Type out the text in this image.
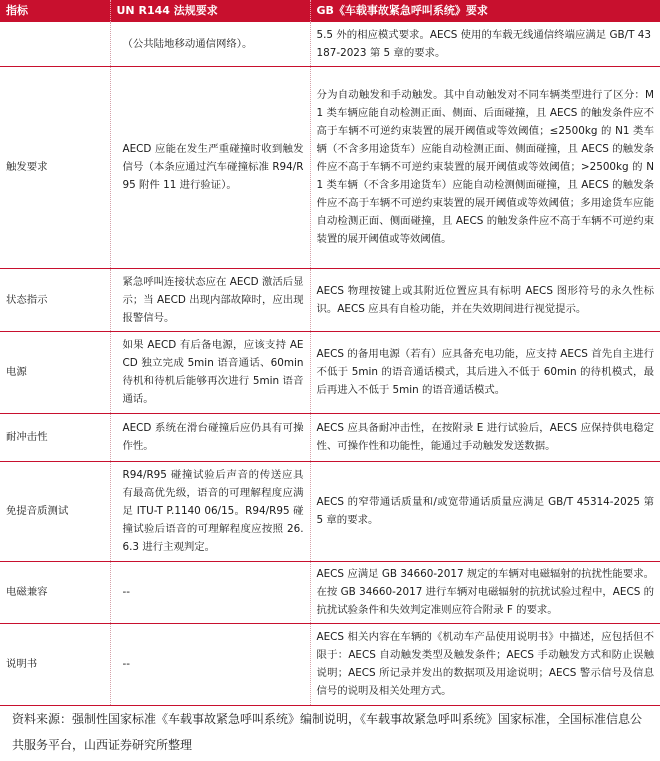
指标	UN R144 法规要求	GB《车载事故紧急呼叫系统》要求
	（公共陆地移动通信网络）。	5.5 外的相应模式要求。AECS 使用的车载无线通信终端应满足 GB/T 43187-2023 第 5 章的要求。
触发要求	AECD 应能在发生严重碰撞时收到触发信号（本条应通过汽车碰撞标准 R94/R95 附件 11 进行验证）。	分为自动触发和手动触发。其中自动触发对不同车辆类型进行了区分：M1 类车辆应能自动检测正面、侧面、后面碰撞，且 AECS 的触发条件应不高于车辆不可逆约束装置的展开阈值或等效阈值；≤2500kg 的 N1 类车辆（不含多用途货车）应能自动检测正面、侧面碰撞，且 AECS 的触发条件应不高于车辆不可逆约束装置的展开阈值或等效阈值；>2500kg 的 N1 类车辆（不含多用途货车）应能自动检测侧面碰撞，且 AECS 的触发条件应不高于车辆不可逆约束装置的展开阈值或等效阈值；多用途货车应能自动检测正面、侧面碰撞，且 AECS 的触发条件应不高于车辆不可逆约束装置的展开阈值或等效阈值。
状态指示	紧急呼叫连接状态应在 AECD 激活后显示；当 AECD 出现内部故障时，应出现报警信号。	AECS 物理按键上或其附近位置应具有标明 AECS 图形符号的永久性标识。AECS 应具有自检功能，并在失效期间进行视觉提示。
电源	如果 AECD 有后备电源，应该支持 AECD 独立完成 5min 语音通话、60min 待机和待机后能够再次进行 5min 语音通话。	AECS 的备用电源（若有）应具备充电功能，应支持 AECS 首先自主进行不低于 5min 的语音通话模式，其后进入不低于 60min 的待机模式，最后再进入不低于 5min 的语音通话模式。
耐冲击性	AECD 系统在滑台碰撞后应仍具有可操作性。	AECS 应具备耐冲击性，在按附录 E 进行试验后，AECS 应保持供电稳定性、可操作性和功能性，能通过手动触发发送数据。
免提音质测试	R94/R95 碰撞试验后声音的传送应具有最高优先级，语音的可理解程度应满足 ITU-T P.1140 06/15。R94/R95 碰撞试验后语音的可理解程度应按照 26.6.3 进行主观判定。	AECS 的窄带通话质量和/或宽带通话质量应满足 GB/T 45314-2025 第 5 章的要求。
电磁兼容	--	AECS 应满足 GB 34660-2017 规定的车辆对电磁辐射的抗扰性能要求。在按 GB 34660-2017 进行车辆对电磁辐射的抗扰试验过程中，AECS 的抗扰试验条件和失效判定准则应符合附录 F 的要求。
说明书	--	AECS 相关内容在车辆的《机动车产品使用说明书》中描述，应包括但不限于：AECS 自动触发类型及触发条件；AECS 手动触发方式和防止误触说明；AECS 所记录并发出的数据项及用途说明；AECS 警示信号及信息信号的说明及相关处理方式。
资料来源：强制性国家标准《车载事故紧急呼叫系统》编制说明，《车载事故紧急呼叫系统》国家标准，全国标准信息公共服务平台，山西证券研究所整理
